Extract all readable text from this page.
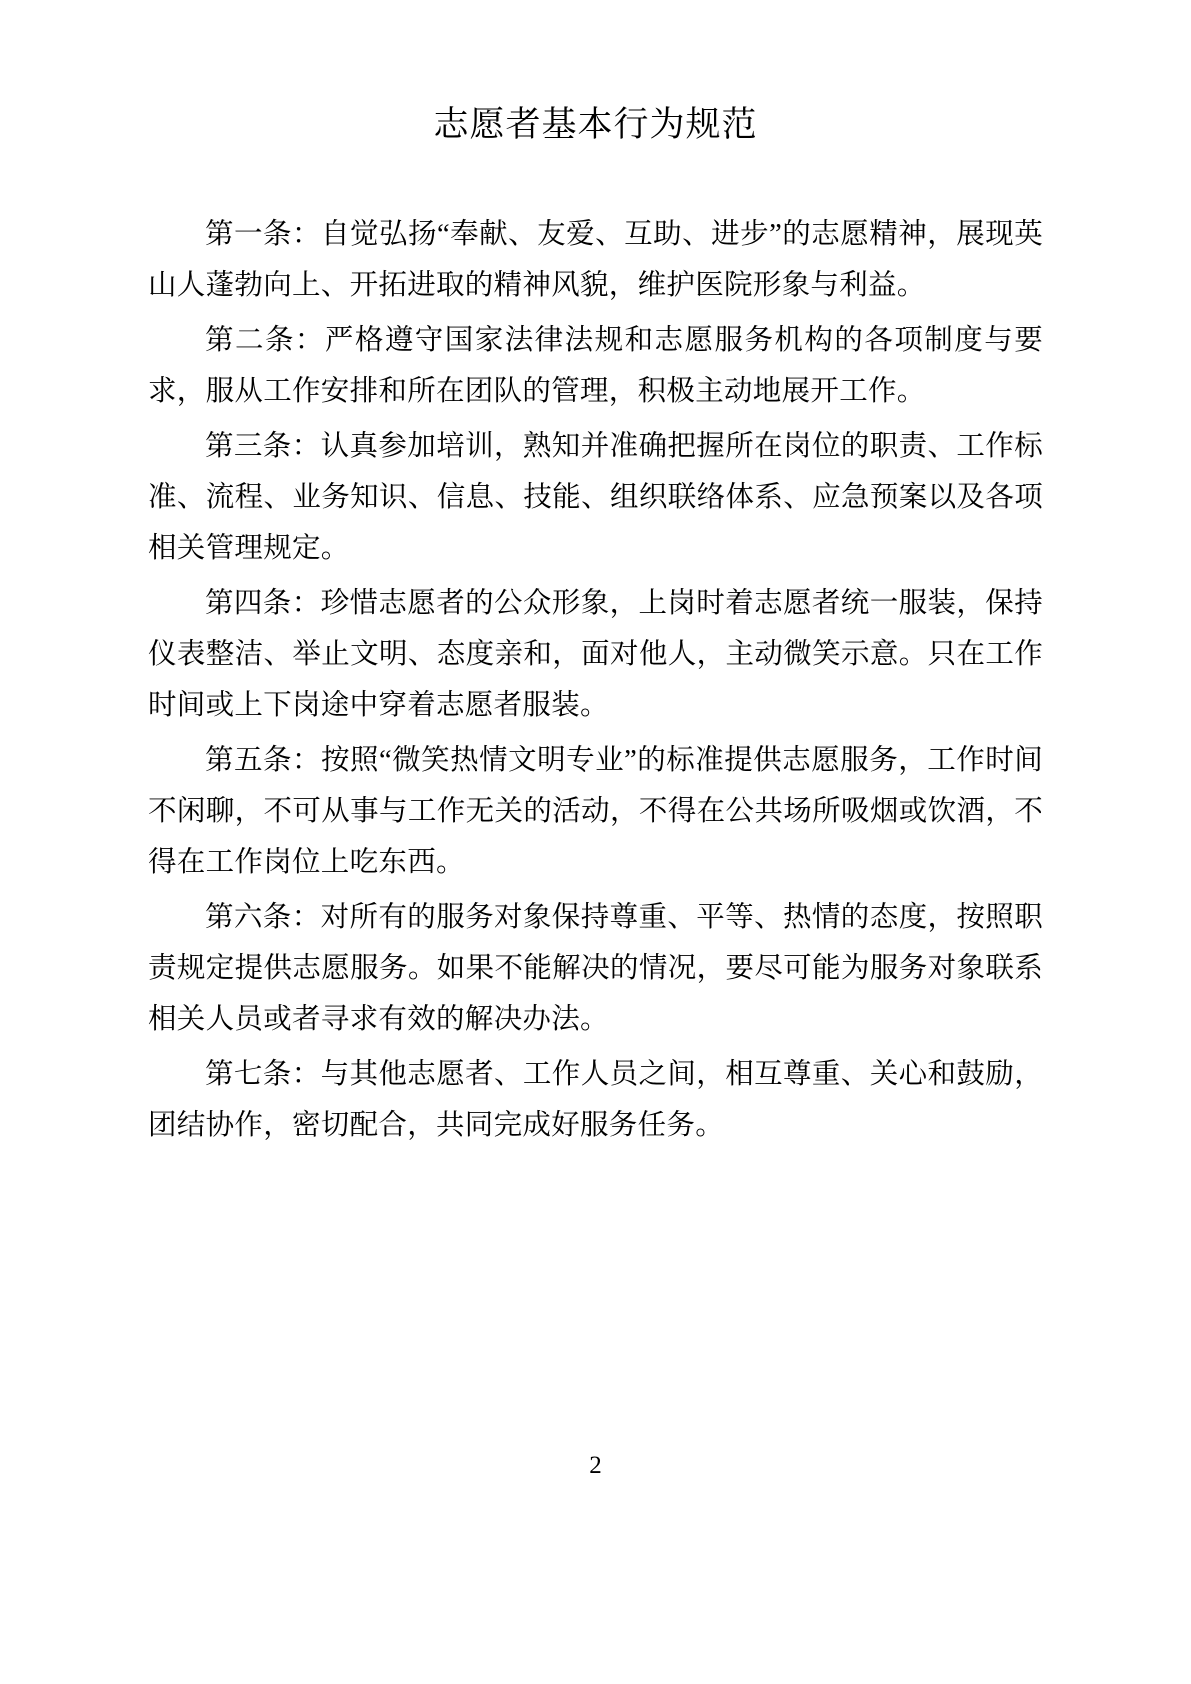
志愿者基本行为规范

第一条：自觉弘扬“奉献、友爱、互助、进步”的志愿精神，展现英山人蓬勃向上、开拓进取的精神风貌，维护医院形象与利益。

第二条：严格遵守国家法律法规和志愿服务机构的各项制度与要求，服从工作安排和所在团队的管理，积极主动地展开工作。

第三条：认真参加培训，熟知并准确把握所在岗位的职责、工作标准、流程、业务知识、信息、技能、组织联络体系、应急预案以及各项相关管理规定。

第四条：珍惜志愿者的公众形象，上岗时着志愿者统一服装，保持仪表整洁、举止文明、态度亲和，面对他人，主动微笑示意。只在工作时间或上下岗途中穿着志愿者服装。

第五条：按照“微笑热情文明专业”的标准提供志愿服务，工作时间不闲聊，不可从事与工作无关的活动，不得在公共场所吸烟或饮酒，不得在工作岗位上吃东西。

第六条：对所有的服务对象保持尊重、平等、热情的态度，按照职责规定提供志愿服务。如果不能解决的情况，要尽可能为服务对象联系相关人员或者寻求有效的解决办法。

第七条：与其他志愿者、工作人员之间，相互尊重、关心和鼓励，团结协作，密切配合，共同完成好服务任务。

2
